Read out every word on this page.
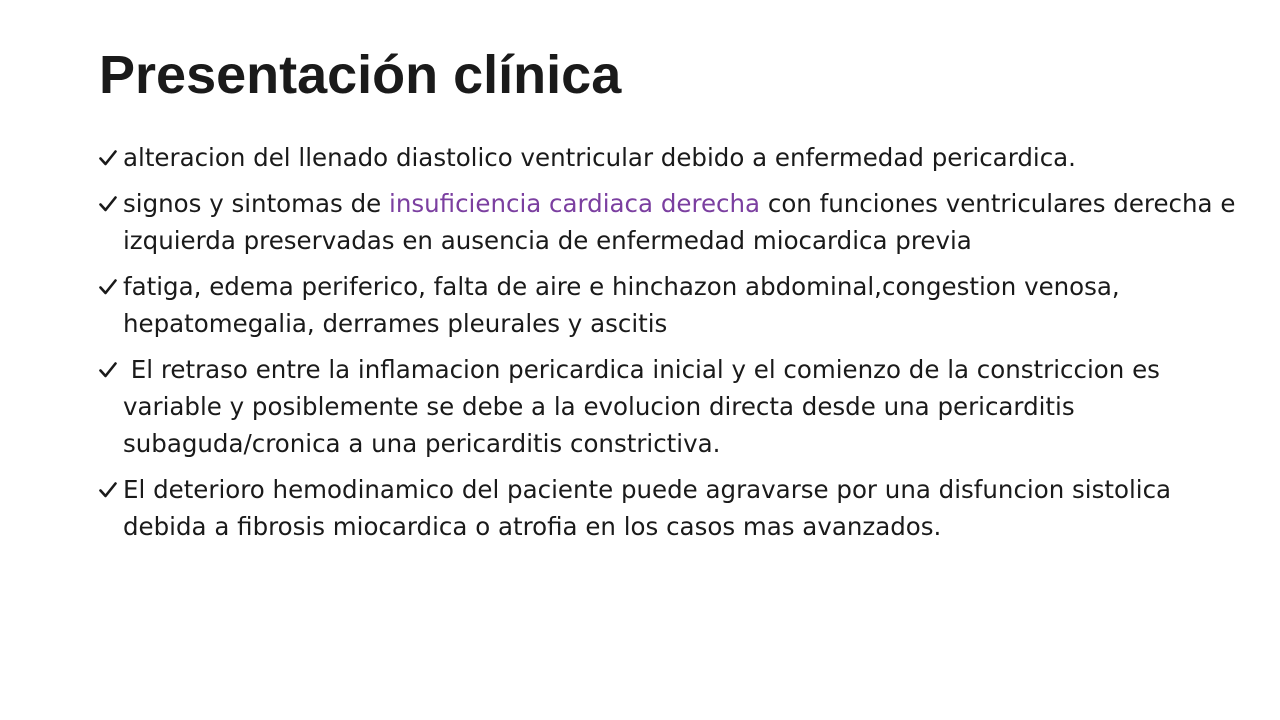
Presentación clínica
alteracion del llenado diastolico ventricular debido a enfermedad pericardica.
signos y sintomas de insuficiencia cardiaca derecha con funciones ventriculares derecha e izquierda preservadas en ausencia de enfermedad miocardica previa
fatiga, edema periferico, falta de aire e hinchazon abdominal,congestion venosa, hepatomegalia, derrames pleurales y ascitis
El retraso entre la inflamacion pericardica inicial y el comienzo de la constriccion es variable y posiblemente se debe a la evolucion directa desde una pericarditis subaguda/cronica a una pericarditis constrictiva.
El deterioro hemodinamico del paciente puede agravarse por una disfuncion sistolica debida a fibrosis miocardica o atrofia en los casos mas avanzados.
